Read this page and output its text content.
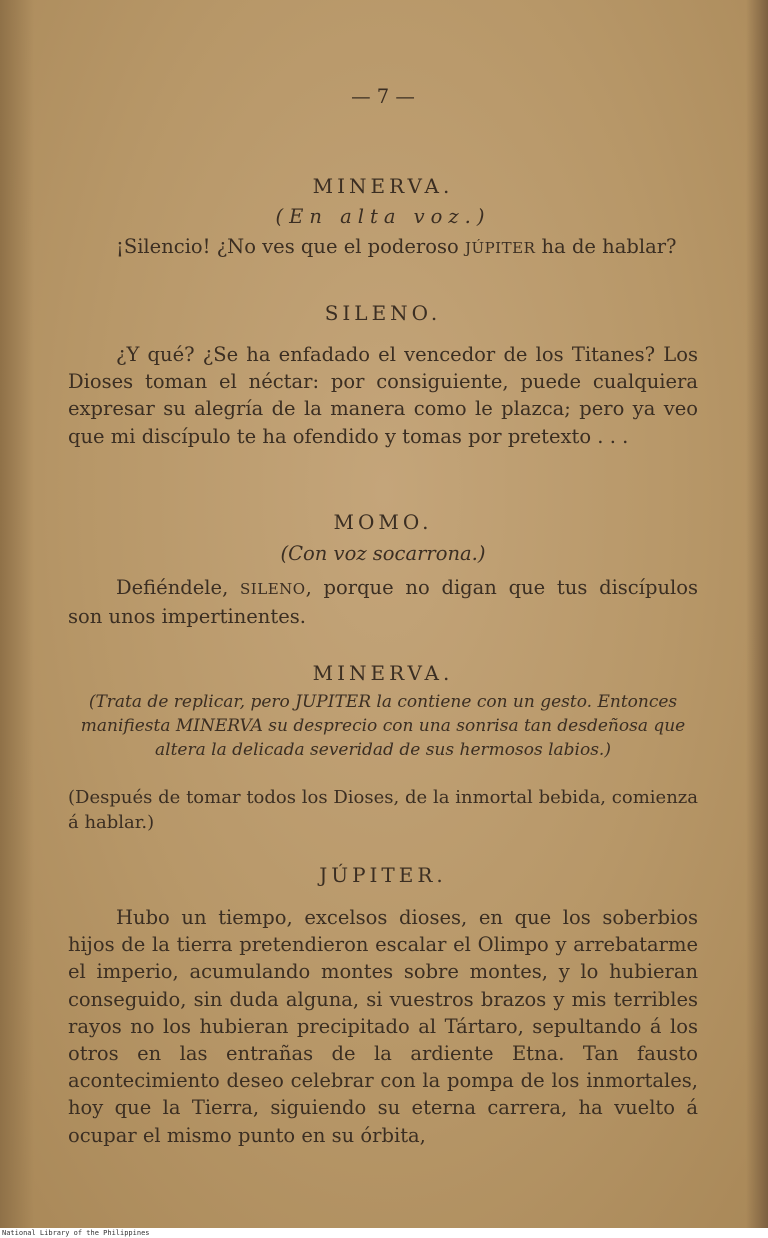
— 7 —
MINERVA.
(En alta voz.)
¡Silencio! ¿No ves que el poderoso JÚPITER ha de hablar?
SILENO.
¿Y qué? ¿Se ha enfadado el vencedor de los Titanes? Los Dioses toman el néctar: por consiguiente, puede cualquiera expresar su alegría de la manera como le plazca; pero ya veo que mi discípulo te ha ofendido y tomas por pretexto . . .
MOMO.
(Con voz socarrona.)
Defiéndele, SILENO, porque no digan que tus discípulos son unos impertinentes.
MINERVA.
(Trata de replicar, pero JUPITER la contiene con un gesto. Entonces manifiesta MINERVA su desprecio con una sonrisa tan desdeñosa que altera la delicada severidad de sus hermosos labios.)
(Después de tomar todos los Dioses, de la inmortal bebida, comienza á hablar.)
JÚPITER.
Hubo un tiempo, excelsos dioses, en que los soberbios hijos de la tierra pretendieron escalar el Olimpo y arrebatarme el imperio, acumulando montes sobre montes, y lo hubieran conseguido, sin duda alguna, si vuestros brazos y mis terribles rayos no los hubieran precipitado al Tártaro, sepultando á los otros en las entrañas de la ardiente Etna. Tan fausto acontecimiento deseo celebrar con la pompa de los inmortales, hoy que la Tierra, siguiendo su eterna carrera, ha vuelto á ocupar el mismo punto en su órbita,
National Library of the Philippines
